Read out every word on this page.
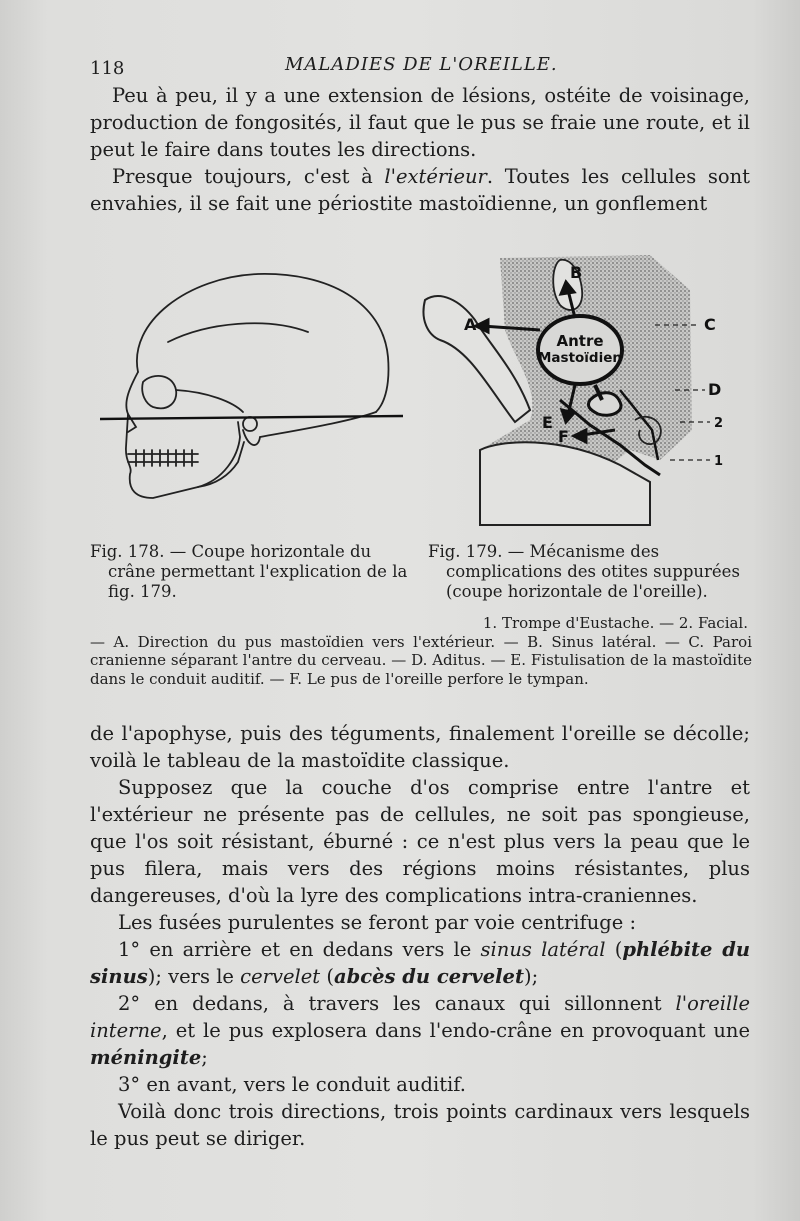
118	MALADIES DE L'OREILLE.

Peu à peu, il y a une extension de lésions, ostéite de voisinage, production de fongosités, il faut que le pus se fraie une route, et il peut le faire dans toutes les directions.

Presque toujours, c'est à l'extérieur. Toutes les cellules sont envahies, il se fait une périostite mastoïdienne, un gonflement

Antre
Mastoïdien
A
B
C
D
E
F
2
1

Fig. 178. — Coupe horizontale du crâne permettant l'explication de la fig. 179.

Fig. 179. — Mécanisme des complications des otites suppurées (coupe horizontale de l'oreille).

1. Trompe d'Eustache. — 2. Facial.
— A. Direction du pus mastoïdien vers l'extérieur. — B. Sinus latéral. — C. Paroi cranienne séparant l'antre du cerveau. — D. Aditus. — E. Fistulisation de la mastoïdite dans le conduit auditif. — F. Le pus de l'oreille perfore le tympan.

de l'apophyse, puis des téguments, finalement l'oreille se décolle; voilà le tableau de la mastoïdite classique.

Supposez que la couche d'os comprise entre l'antre et l'extérieur ne présente pas de cellules, ne soit pas spongieuse, que l'os soit résistant, éburné : ce n'est plus vers la peau que le pus filera, mais vers des régions moins résistantes, plus dangereuses, d'où la lyre des complications intra-craniennes.

Les fusées purulentes se feront par voie centrifuge :

1° en arrière et en dedans vers le sinus latéral (phlébite du sinus); vers le cervelet (abcès du cervelet);

2° en dedans, à travers les canaux qui sillonnent l'oreille interne, et le pus explosera dans l'endo-crâne en provoquant une méningite;

3° en avant, vers le conduit auditif.

Voilà donc trois directions, trois points cardinaux vers lesquels le pus peut se diriger.
